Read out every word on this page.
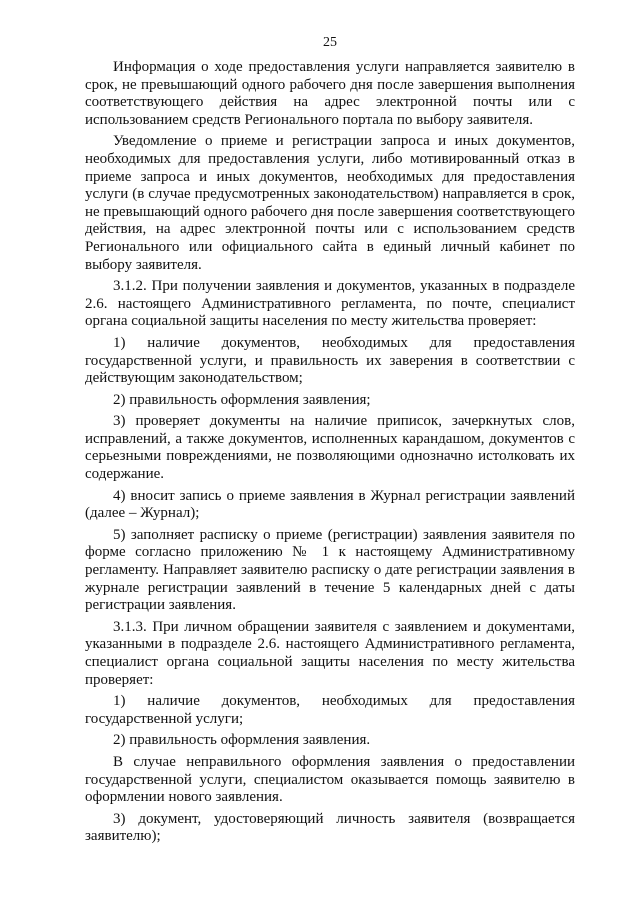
25

Информация о ходе предоставления услуги направляется заявителю в срок, не превышающий одного рабочего дня после завершения выполнения соответствующего действия на адрес электронной почты или с использованием средств Регионального портала по выбору заявителя.

Уведомление о приеме и регистрации запроса и иных документов, необходимых для предоставления услуги, либо мотивированный отказ в приеме запроса и иных документов, необходимых для предоставления услуги (в случае предусмотренных законодательством) направляется в срок, не превышающий одного рабочего дня после завершения соответствующего действия, на адрес электронной почты или с использованием средств Регионального или официального сайта в единый личный кабинет по выбору заявителя.

3.1.2. При получении заявления и документов, указанных в подразделе 2.6. настоящего Административного регламента, по почте, специалист органа социальной защиты населения по месту жительства проверяет:

1) наличие документов, необходимых для предоставления государственной услуги, и правильность их заверения в соответствии с действующим законодательством;

2) правильность оформления заявления;

3) проверяет документы на наличие приписок, зачеркнутых слов, исправлений, а также документов, исполненных карандашом, документов с серьезными повреждениями, не позволяющими однозначно истолковать их содержание.

4) вносит запись о приеме заявления в Журнал регистрации заявлений (далее – Журнал);

5) заполняет расписку о приеме (регистрации) заявления заявителя по форме согласно приложению № 1 к настоящему Административному регламенту. Направляет заявителю расписку о дате регистрации заявления в журнале регистрации заявлений в течение 5 календарных дней с даты регистрации заявления.

3.1.3. При личном обращении заявителя с заявлением и документами, указанными в подразделе 2.6. настоящего Административного регламента, специалист органа социальной защиты населения по месту жительства проверяет:

1) наличие документов, необходимых для предоставления государственной услуги;

2) правильность оформления заявления.

В случае неправильного оформления заявления о предоставлении государственной услуги, специалистом оказывается помощь заявителю в оформлении нового заявления.

3) документ, удостоверяющий личность заявителя (возвращается заявителю);
